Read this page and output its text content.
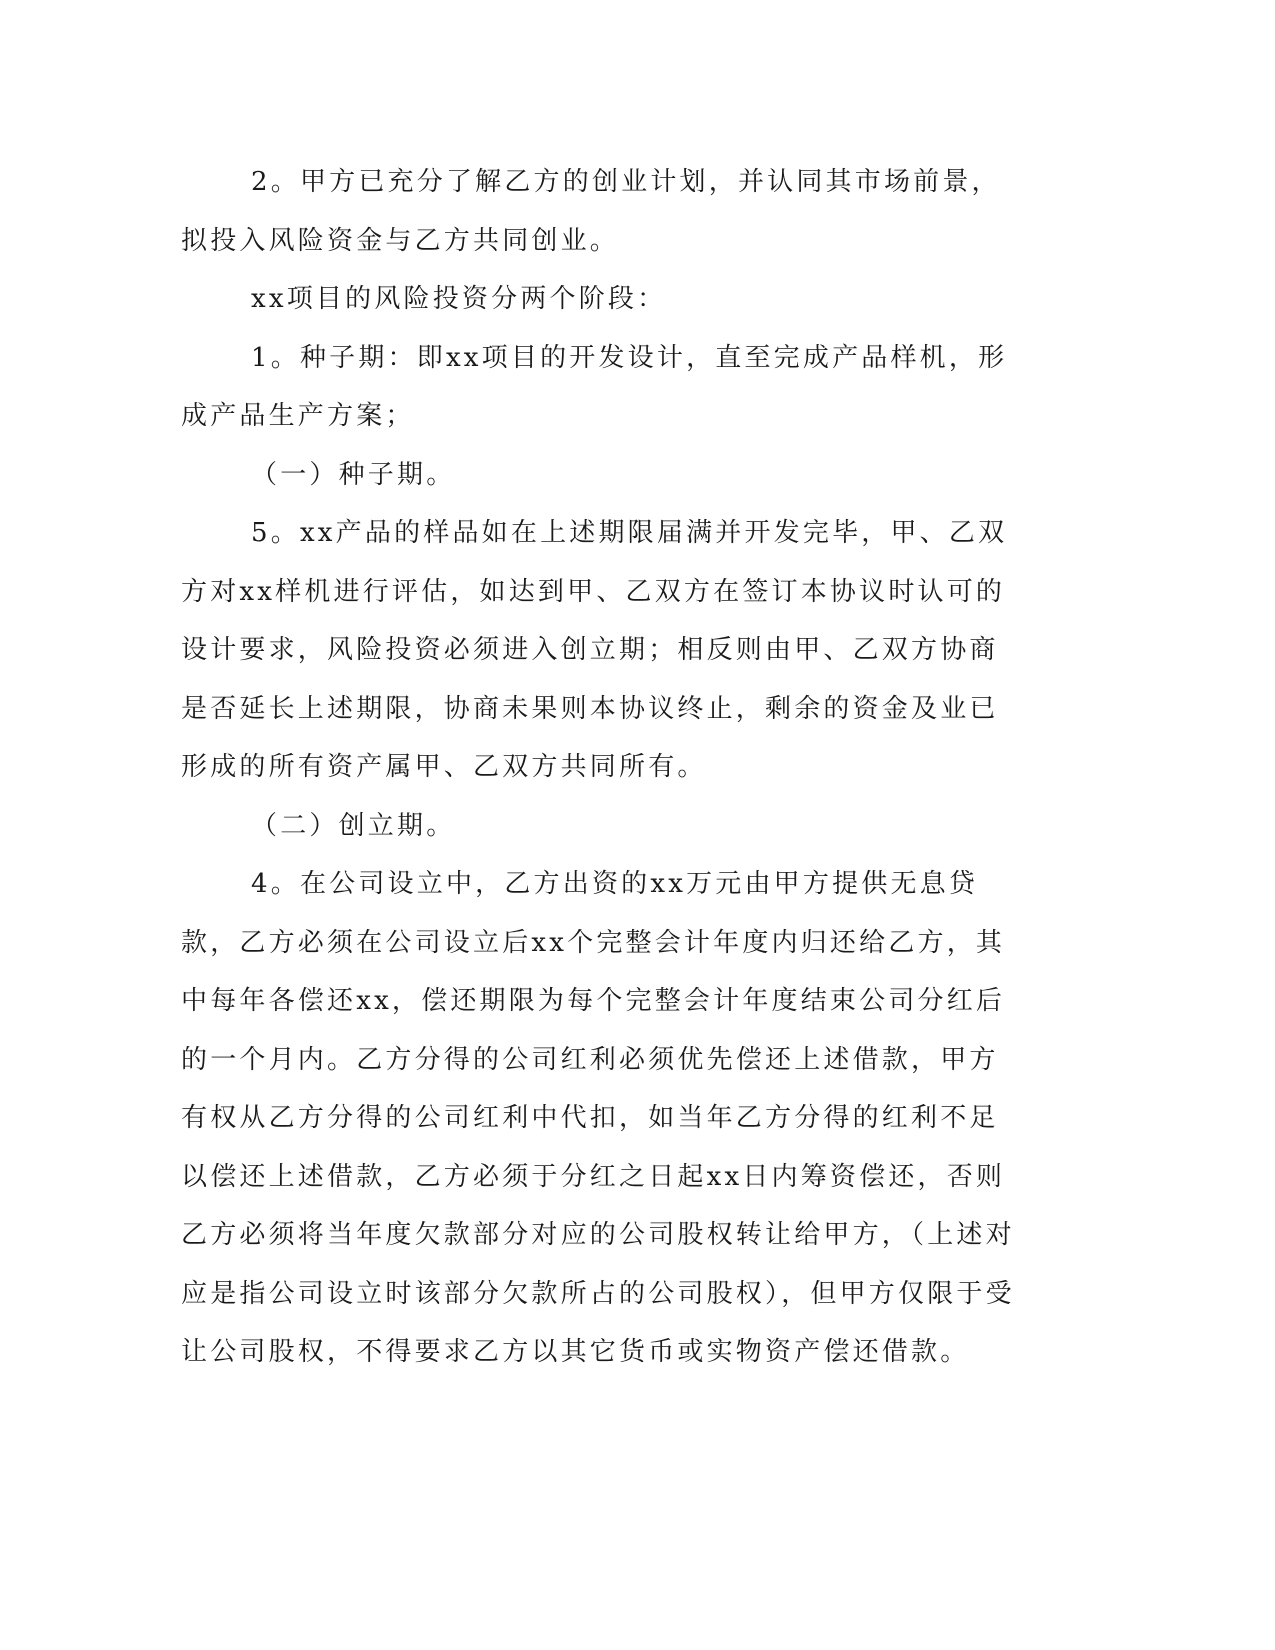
2。甲方已充分了解乙方的创业计划，并认同其市场前景，拟投入风险资金与乙方共同创业。

xx项目的风险投资分两个阶段：

1。种子期：即xx项目的开发设计，直至完成产品样机，形成产品生产方案；

（一）种子期。

5。xx产品的样品如在上述期限届满并开发完毕，甲、乙双方对xx样机进行评估，如达到甲、乙双方在签订本协议时认可的设计要求，风险投资必须进入创立期；相反则由甲、乙双方协商是否延长上述期限，协商未果则本协议终止，剩余的资金及业已形成的所有资产属甲、乙双方共同所有。

（二）创立期。

4。在公司设立中，乙方出资的xx万元由甲方提供无息贷款，乙方必须在公司设立后xx个完整会计年度内归还给乙方，其中每年各偿还xx，偿还期限为每个完整会计年度结束公司分红后的一个月内。乙方分得的公司红利必须优先偿还上述借款，甲方有权从乙方分得的公司红利中代扣，如当年乙方分得的红利不足以偿还上述借款，乙方必须于分红之日起xx日内筹资偿还，否则乙方必须将当年度欠款部分对应的公司股权转让给甲方，（上述对应是指公司设立时该部分欠款所占的公司股权），但甲方仅限于受让公司股权，不得要求乙方以其它货币或实物资产偿还借款。
